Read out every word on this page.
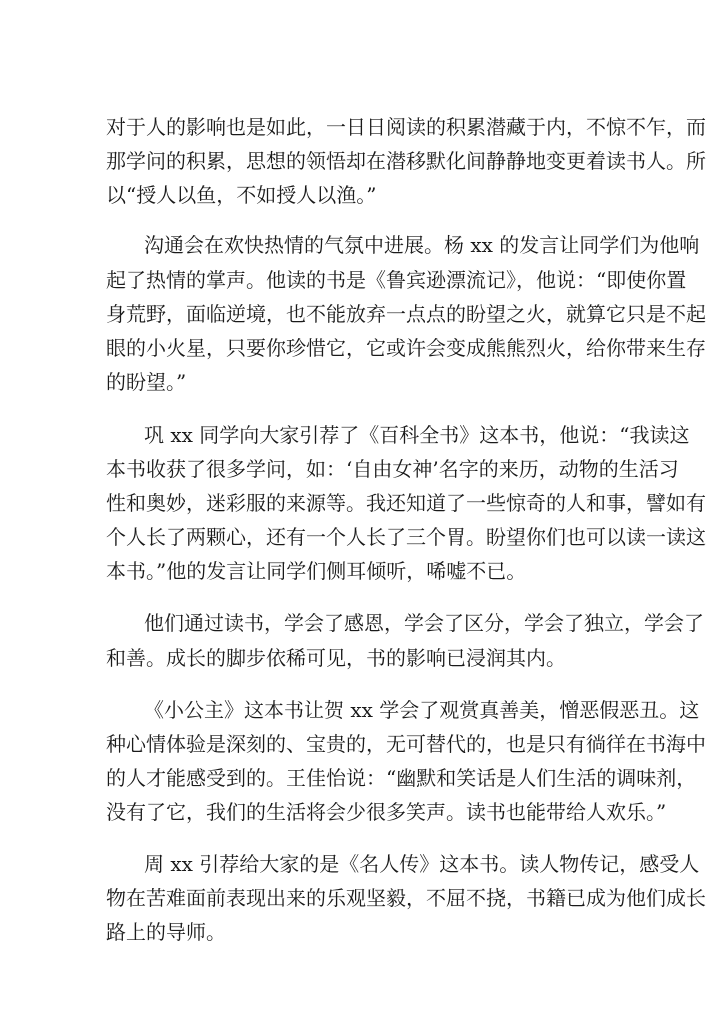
对于人的影响也是如此，一日日阅读的积累潜藏于内，不惊不乍，而
那学问的积累，思想的领悟却在潜移默化间静静地变更着读书人。所
以“授人以鱼，不如授人以渔。”
沟通会在欢快热情的气氛中进展。杨 xx 的发言让同学们为他响
起了热情的掌声。他读的书是《鲁宾逊漂流记》，他说：“即使你置
身荒野，面临逆境，也不能放弃一点点的盼望之火，就算它只是不起
眼的小火星，只要你珍惜它，它或许会变成熊熊烈火，给你带来生存
的盼望。”
巩 xx 同学向大家引荐了《百科全书》这本书，他说：“我读这
本书收获了很多学问，如：‘自由女神’名字的来历，动物的生活习
性和奥妙，迷彩服的来源等。我还知道了一些惊奇的人和事，譬如有
个人长了两颗心，还有一个人长了三个胃。盼望你们也可以读一读这
本书。”他的发言让同学们侧耳倾听，唏嘘不已。
他们通过读书，学会了感恩，学会了区分，学会了独立，学会了
和善。成长的脚步依稀可见，书的影响已浸润其内。
《小公主》这本书让贺 xx 学会了观赏真善美，憎恶假恶丑。这
种心情体验是深刻的、宝贵的，无可替代的，也是只有徜徉在书海中
的人才能感受到的。王佳怡说：“幽默和笑话是人们生活的调味剂，
没有了它，我们的生活将会少很多笑声。读书也能带给人欢乐。”
周 xx 引荐给大家的是《名人传》这本书。读人物传记，感受人
物在苦难面前表现出来的乐观坚毅，不屈不挠，书籍已成为他们成长
路上的导师。
